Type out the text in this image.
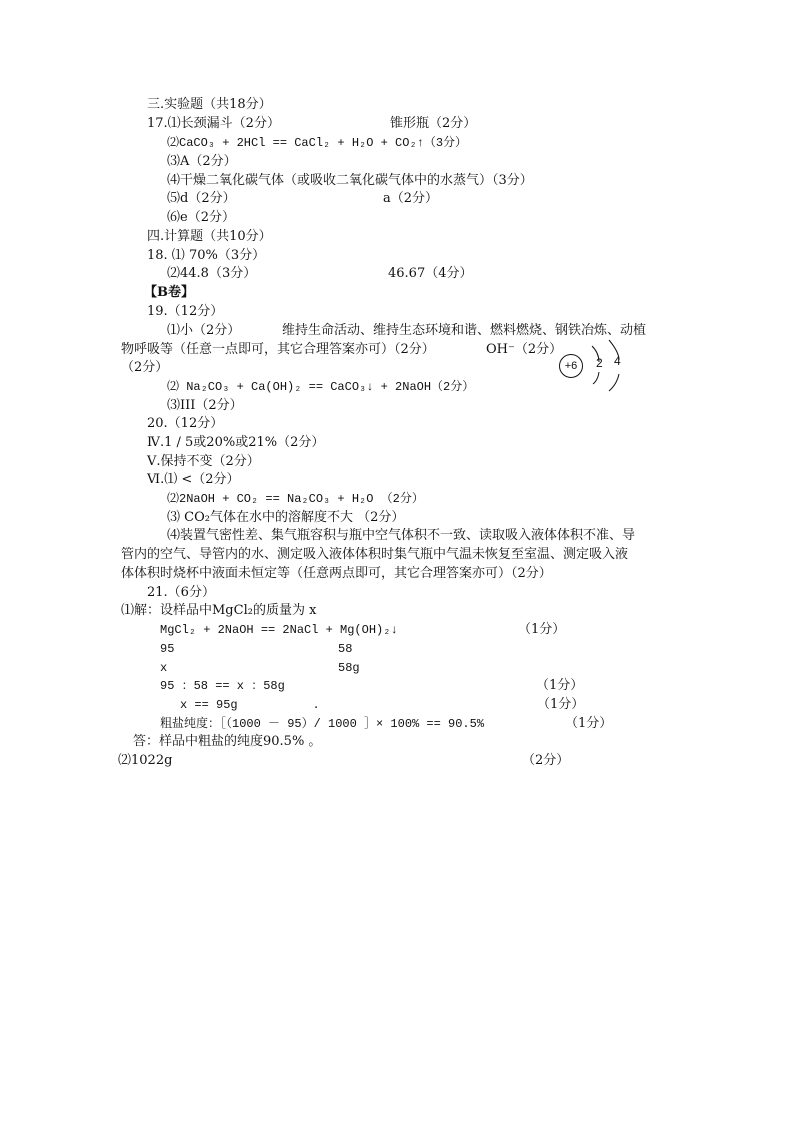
三.实验题（共18分）
17.⑴长颈漏斗（2分）	锥形瓶（2分）
⑵CaCO₃ + 2HCl == CaCl₂ + H₂O + CO₂↑（3分）
⑶A（2分）
⑷干燥二氧化碳气体（或吸收二氧化碳气体中的水蒸气）（3分）
⑸d（2分）	a（2分）
⑹e（2分）
四.计算题（共10分）
18. ⑴ 70%（3分）
⑵44.8（3分）	46.67（4分）
【B卷】
19.（12分）
⑴小（2分）	维持生命活动、维持生态环境和谐、燃料燃烧、钢铁冶炼、动植
物呼吸等（任意一点即可，其它合理答案亦可）（2分）	OH⁻（2分）
（2分）	+6	2 4
⑵ Na₂CO₃ + Ca(OH)₂ == CaCO₃↓ + 2NaOH（2分）
⑶III（2分）
20.（12分）
Ⅳ.1 / 5或20%或21%（2分）
Ⅴ.保持不变（2分）
Ⅵ.⑴ <（2分）
⑵2NaOH + CO₂ == Na₂CO₃ + H₂O （2分）
⑶ CO₂气体在水中的溶解度不大 （2分）
⑷装置气密性差、集气瓶容积与瓶中空气体积不一致、读取吸入液体体积不准、导
管内的空气、导管内的水、测定吸入液体体积时集气瓶中气温未恢复至室温、测定吸入液
体体积时烧杯中液面未恒定等（任意两点即可，其它合理答案亦可）（2分）
21.（6分）
⑴解：设样品中MgCl₂的质量为 x
MgCl₂ + 2NaOH == 2NaCl + Mg(OH)₂↓	（1分）
95	58
x	58g
95 ：58 == x ：58g	（1分）
x == 95g	.	（1分）
粗盐纯度：［（1000 － 95）/ 1000 ］× 100% == 90.5%	（1分）
答：样品中粗盐的纯度90.5% 。
⑵1022g	（2分）
